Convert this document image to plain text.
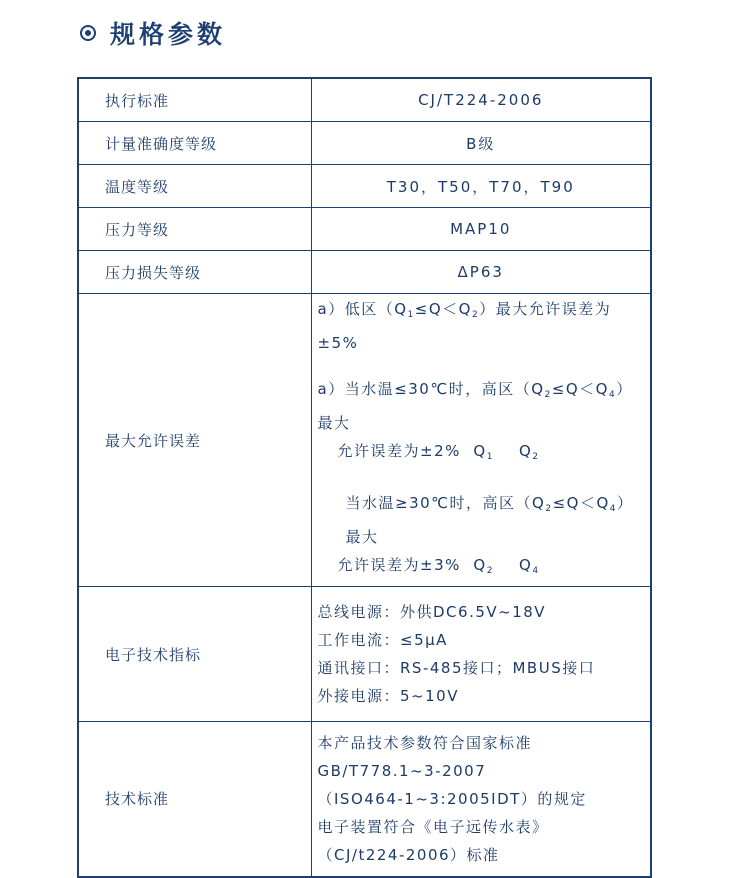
规格参数
执行标准	CJ/T224-2006
计量准确度等级	B级
温度等级	T30，T50，T70，T90
压力等级	MAP10
压力损失等级	ΔP63
最大允许误差	a）低区$(Q_1\le Q<Q_2)$最大允许误差为±5%

a）当水温≤30℃时，高区$(Q_2\le Q<Q_4)$最大

允许误差为±2% $Q_1$ $Q_2$

当水温≥30℃时，高区$(Q_2\le Q<Q_4)$最大

允许误差为±3% $Q_2$ $Q_4$

电子技术指标	总线电源：外供DC6.5V~18V
工作电流：≤5μA
通讯接口：RS-485接口；MBUS接口
外接电源：5~10V

技术标准	本产品技术参数符合国家标准
GB/T778.1~3-2007
（ISO464-1~3:2005IDT）的规定
电子装置符合《电子远传水表》
（CJ/t224-2006）标准
